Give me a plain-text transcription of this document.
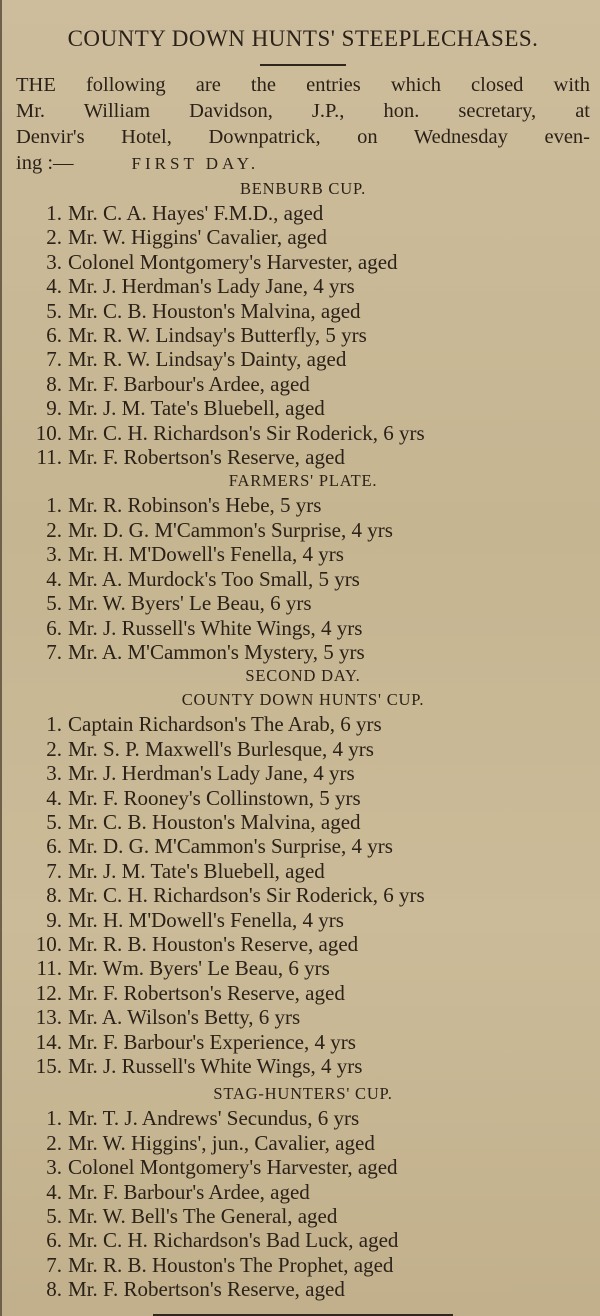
COUNTY DOWN HUNTS' STEEPLECHASES.

THE following are the entries which closed with
Mr. William Davidson, J.P., hon. secretary, at
Denvir's Hotel, Downpatrick, on Wednesday even-
ing :—	FIRST DAY.

BENBURB CUP.

1. Mr. C. A. Hayes' F.M.D., aged
2. Mr. W. Higgins' Cavalier, aged
3. Colonel Montgomery's Harvester, aged
4. Mr. J. Herdman's Lady Jane, 4 yrs
5. Mr. C. B. Houston's Malvina, aged
6. Mr. R. W. Lindsay's Butterfly, 5 yrs
7. Mr. R. W. Lindsay's Dainty, aged
8. Mr. F. Barbour's Ardee, aged
9. Mr. J. M. Tate's Bluebell, aged
10. Mr. C. H. Richardson's Sir Roderick, 6 yrs
11. Mr. F. Robertson's Reserve, aged

FARMERS' PLATE.

1. Mr. R. Robinson's Hebe, 5 yrs
2. Mr. D. G. M'Cammon's Surprise, 4 yrs
3. Mr. H. M'Dowell's Fenella, 4 yrs
4. Mr. A. Murdock's Too Small, 5 yrs
5. Mr. W. Byers' Le Beau, 6 yrs
6. Mr. J. Russell's White Wings, 4 yrs
7. Mr. A. M'Cammon's Mystery, 5 yrs

SECOND DAY.

COUNTY DOWN HUNTS' CUP.

1. Captain Richardson's The Arab, 6 yrs
2. Mr. S. P. Maxwell's Burlesque, 4 yrs
3. Mr. J. Herdman's Lady Jane, 4 yrs
4. Mr. F. Rooney's Collinstown, 5 yrs
5. Mr. C. B. Houston's Malvina, aged
6. Mr. D. G. M'Cammon's Surprise, 4 yrs
7. Mr. J. M. Tate's Bluebell, aged
8. Mr. C. H. Richardson's Sir Roderick, 6 yrs
9. Mr. H. M'Dowell's Fenella, 4 yrs
10. Mr. R. B. Houston's Reserve, aged
11. Mr. Wm. Byers' Le Beau, 6 yrs
12. Mr. F. Robertson's Reserve, aged
13. Mr. A. Wilson's Betty, 6 yrs
14. Mr. F. Barbour's Experience, 4 yrs
15. Mr. J. Russell's White Wings, 4 yrs

STAG-HUNTERS' CUP.

1. Mr. T. J. Andrews' Secundus, 6 yrs
2. Mr. W. Higgins', jun., Cavalier, aged
3. Colonel Montgomery's Harvester, aged
4. Mr. F. Barbour's Ardee, aged
5. Mr. W. Bell's The General, aged
6. Mr. C. H. Richardson's Bad Luck, aged
7. Mr. R. B. Houston's The Prophet, aged
8. Mr. F. Robertson's Reserve, aged
